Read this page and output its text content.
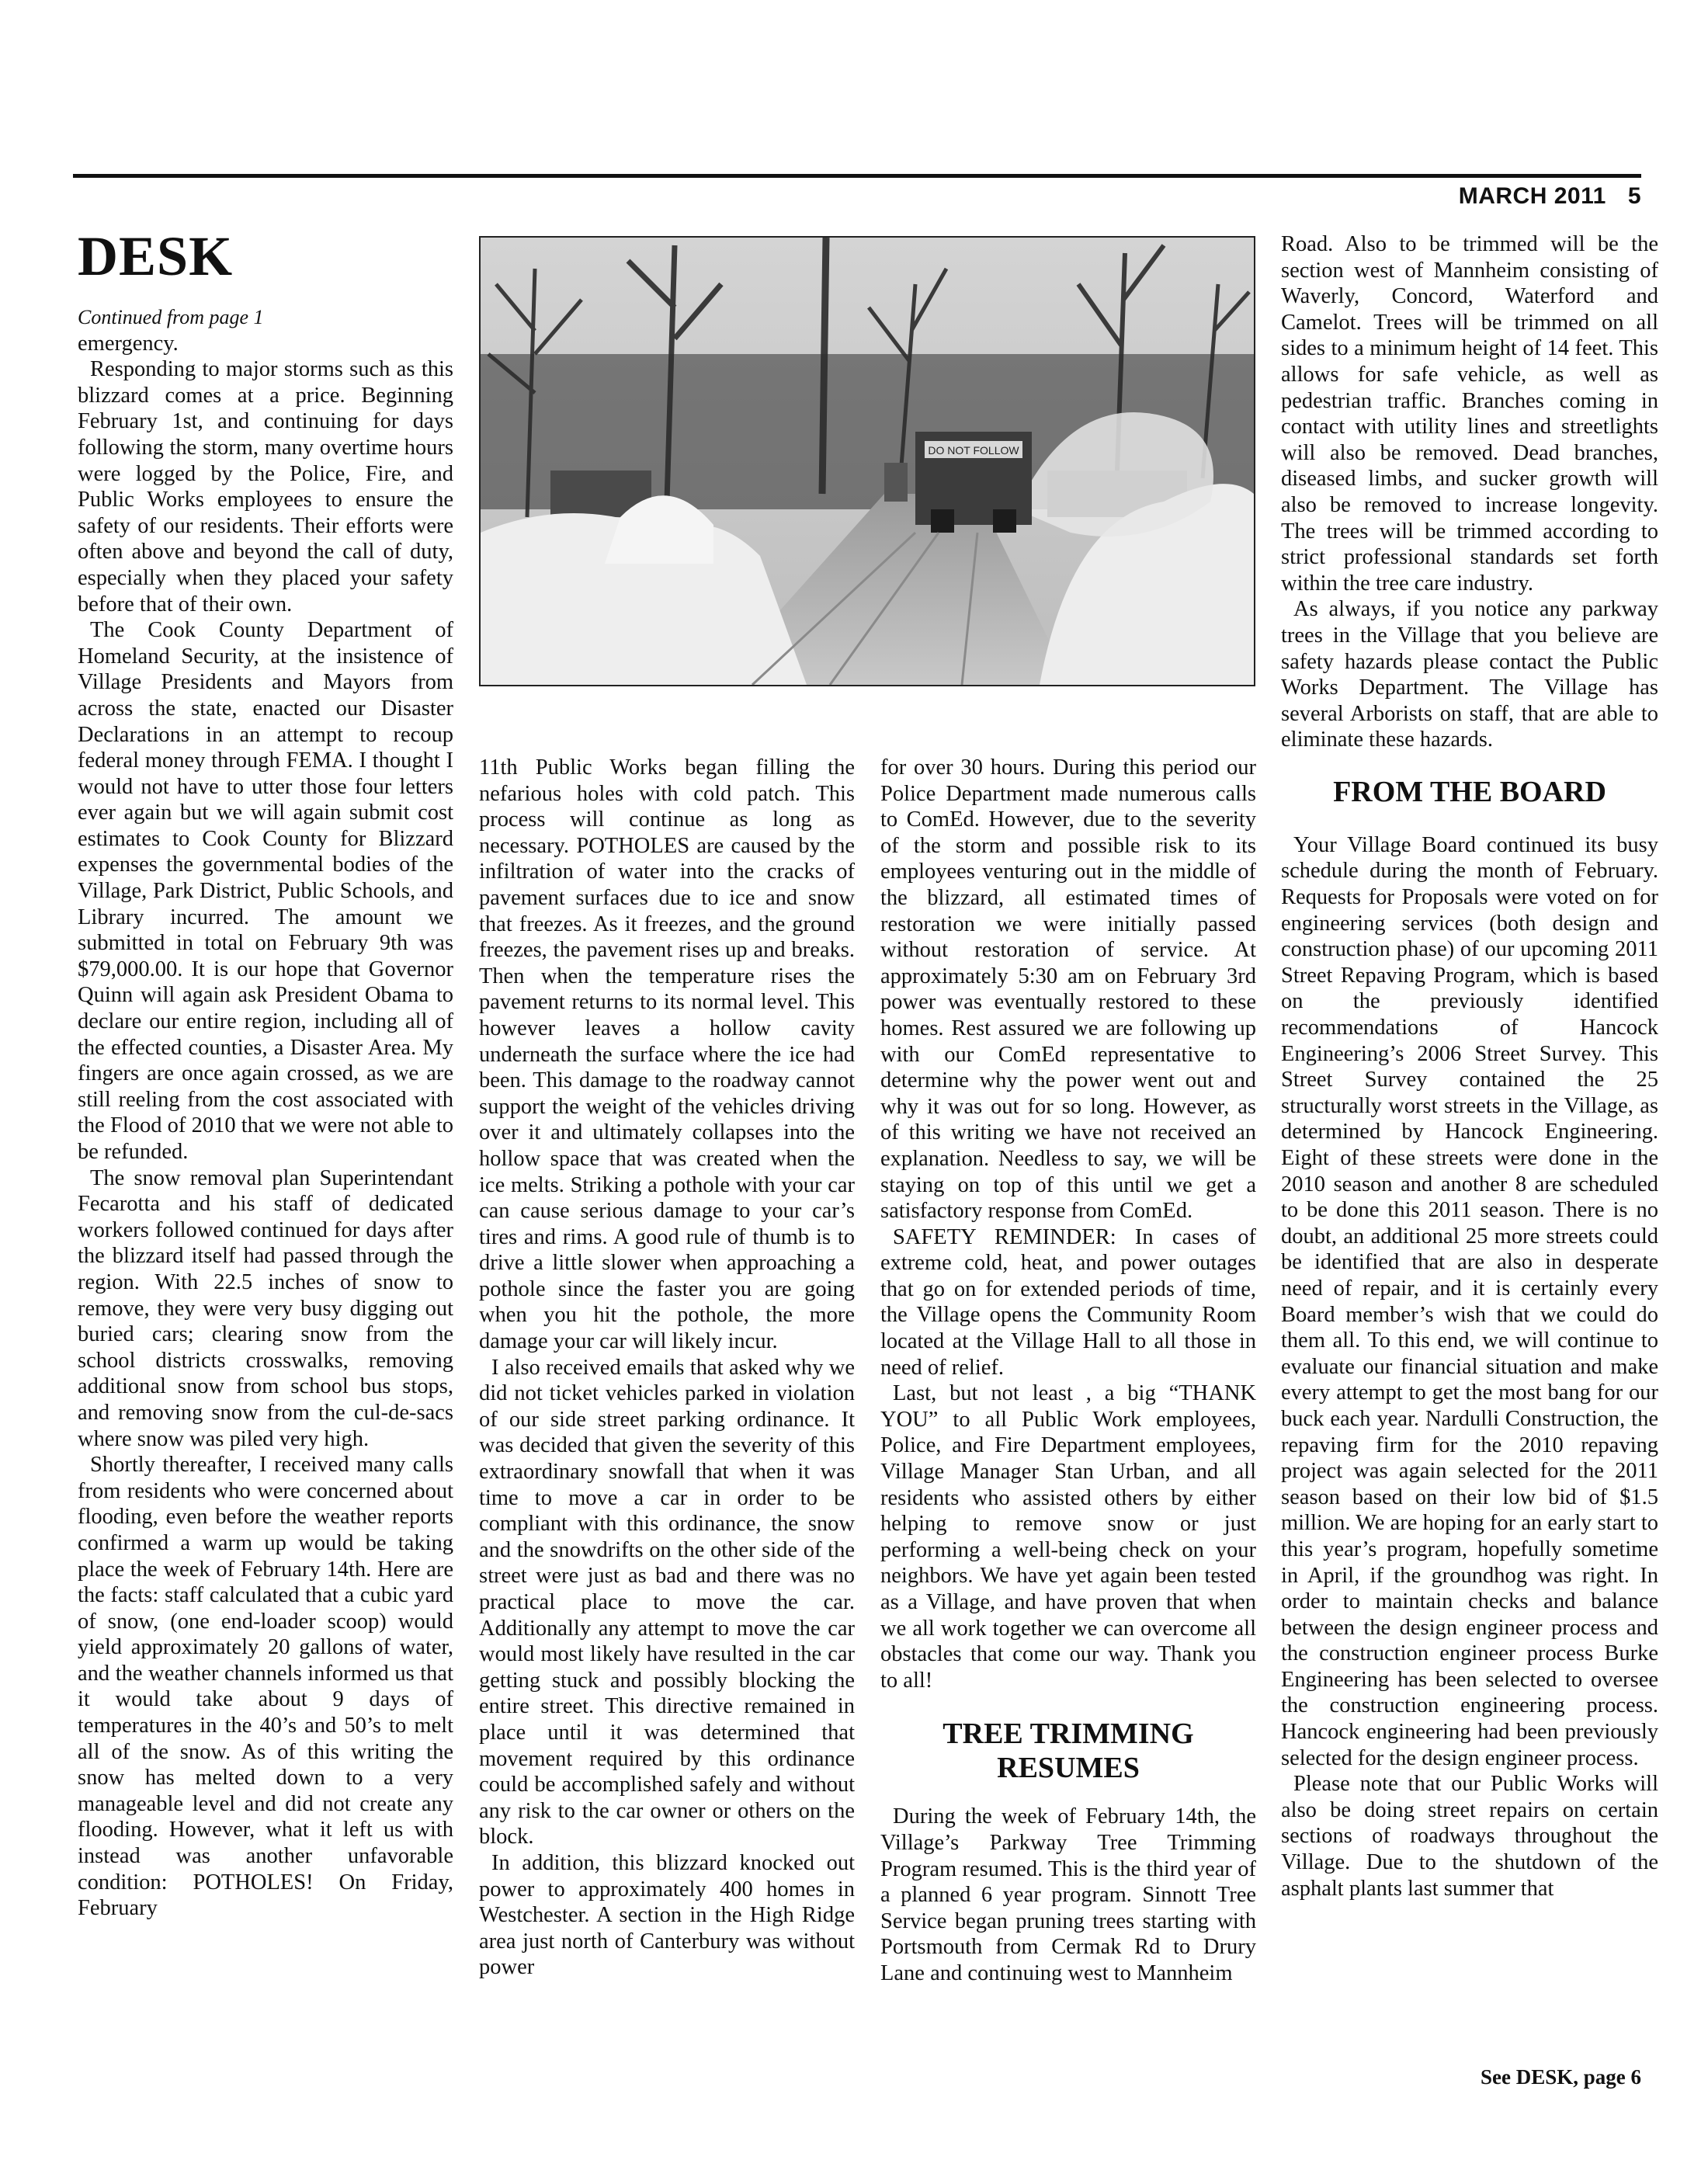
MARCH 2011 5
DESK

Continued from page 1

emergency.

Responding to major storms such as this blizzard comes at a price. Beginning February 1st, and continuing for days following the storm, many overtime hours were logged by the Police, Fire, and Public Works employees to ensure the safety of our residents. Their efforts were often above and beyond the call of duty, especially when they placed your safety before that of their own.

The Cook County Department of Homeland Security, at the insistence of Village Presidents and Mayors from across the state, enacted our Disaster Declarations in an attempt to recoup federal money through FEMA. I thought I would not have to utter those four letters ever again but we will again submit cost estimates to Cook County for Blizzard expenses the governmental bodies of the Village, Park District, Public Schools, and Library incurred. The amount we submitted in total on February 9th was $79,000.00. It is our hope that Governor Quinn will again ask President Obama to declare our entire region, including all of the effected counties, a Disaster Area. My fingers are once again crossed, as we are still reeling from the cost associated with the Flood of 2010 that we were not able to be refunded.

The snow removal plan Superintendant Fecarotta and his staff of dedicated workers followed continued for days after the blizzard itself had passed through the region. With 22.5 inches of snow to remove, they were very busy digging out buried cars; clearing snow from the school districts crosswalks, removing additional snow from school bus stops, and removing snow from the cul-de-sacs where snow was piled very high.

Shortly thereafter, I received many calls from residents who were concerned about flooding, even before the weather reports confirmed a warm up would be taking place the week of February 14th. Here are the facts: staff calculated that a cubic yard of snow, (one end-loader scoop) would yield approximately 20 gallons of water, and the weather channels informed us that it would take about 9 days of temperatures in the 40’s and 50’s to melt all of the snow. As of this writing the snow has melted down to a very manageable level and did not create any flooding. However, what it left us with instead was another unfavorable condition: POTHOLES! On Friday, February

DO NOT FOLLOW

11th Public Works began filling the nefarious holes with cold patch. This process will continue as long as necessary. POTHOLES are caused by the infiltration of water into the cracks of pavement surfaces due to ice and snow that freezes. As it freezes, and the ground freezes, the pavement rises up and breaks. Then when the temperature rises the pavement returns to its normal level. This however leaves a hollow cavity underneath the surface where the ice had been. This damage to the roadway cannot support the weight of the vehicles driving over it and ultimately collapses into the hollow space that was created when the ice melts. Striking a pothole with your car can cause serious damage to your car’s tires and rims. A good rule of thumb is to drive a little slower when approaching a pothole since the faster you are going when you hit the pothole, the more damage your car will likely incur.

I also received emails that asked why we did not ticket vehicles parked in violation of our side street parking ordinance. It was decided that given the severity of this extraordinary snowfall that when it was time to move a car in order to be compliant with this ordinance, the snow and the snowdrifts on the other side of the street were just as bad and there was no practical place to move the car. Additionally any attempt to move the car would most likely have resulted in the car getting stuck and possibly blocking the entire street. This directive remained in place until it was determined that movement required by this ordinance could be accomplished safely and without any risk to the car owner or others on the block.

In addition, this blizzard knocked out power to approximately 400 homes in Westchester. A section in the High Ridge area just north of Canterbury was without power

for over 30 hours. During this period our Police Department made numerous calls to ComEd. However, due to the severity of the storm and possible risk to its employees venturing out in the middle of the blizzard, all estimated times of restoration we were initially passed without restoration of service. At approximately 5:30 am on February 3rd power was eventually restored to these homes. Rest assured we are following up with our ComEd representative to determine why the power went out and why it was out for so long. However, as of this writing we have not received an explanation. Needless to say, we will be staying on top of this until we get a satisfactory response from ComEd.

SAFETY REMINDER: In cases of extreme cold, heat, and power outages that go on for extended periods of time, the Village opens the Community Room located at the Village Hall to all those in need of relief.

Last, but not least , a big “THANK YOU” to all Public Work employees, Police, and Fire Department employees, Village Manager Stan Urban, and all residents who assisted others by either helping to remove snow or just performing a well-being check on your neighbors. We have yet again been tested as a Village, and have proven that when we all work together we can overcome all obstacles that come our way. Thank you to all!

TREE TRIMMING
RESUMES

During the week of February 14th, the Village’s Parkway Tree Trimming Program resumed. This is the third year of a planned 6 year program. Sinnott Tree Service began pruning trees starting with Portsmouth from Cermak Rd to Drury Lane and continuing west to Mannheim

Road. Also to be trimmed will be the section west of Mannheim consisting of Waverly, Concord, Waterford and Camelot. Trees will be trimmed on all sides to a minimum height of 14 feet. This allows for safe vehicle, as well as pedestrian traffic. Branches coming in contact with utility lines and streetlights will also be removed. Dead branches, diseased limbs, and sucker growth will also be removed to increase longevity. The trees will be trimmed according to strict professional standards set forth within the tree care industry.

As always, if you notice any parkway trees in the Village that you believe are safety hazards please contact the Public Works Department. The Village has several Arborists on staff, that are able to eliminate these hazards.

FROM THE BOARD

Your Village Board continued its busy schedule during the month of February. Requests for Proposals were voted on for engineering services (both design and construction phase) of our upcoming 2011 Street Repaving Program, which is based on the previously identified recommendations of Hancock Engineering’s 2006 Street Survey. This Street Survey contained the 25 structurally worst streets in the Village, as determined by Hancock Engineering. Eight of these streets were done in the 2010 season and another 8 are scheduled to be done this 2011 season. There is no doubt, an additional 25 more streets could be identified that are also in desperate need of repair, and it is certainly every Board member’s wish that we could do them all. To this end, we will continue to evaluate our financial situation and make every attempt to get the most bang for our buck each year. Nardulli Construction, the repaving firm for the 2010 repaving project was again selected for the 2011 season based on their low bid of $1.5 million. We are hoping for an early start to this year’s program, hopefully sometime in April, if the groundhog was right. In order to maintain checks and balance between the design engineer process and the construction engineer process Burke Engineering has been selected to oversee the construction engineering process. Hancock engineering had been previously selected for the design engineer process.

Please note that our Public Works will also be doing street repairs on certain sections of roadways throughout the Village. Due to the shutdown of the asphalt plants last summer that

See DESK, page 6
